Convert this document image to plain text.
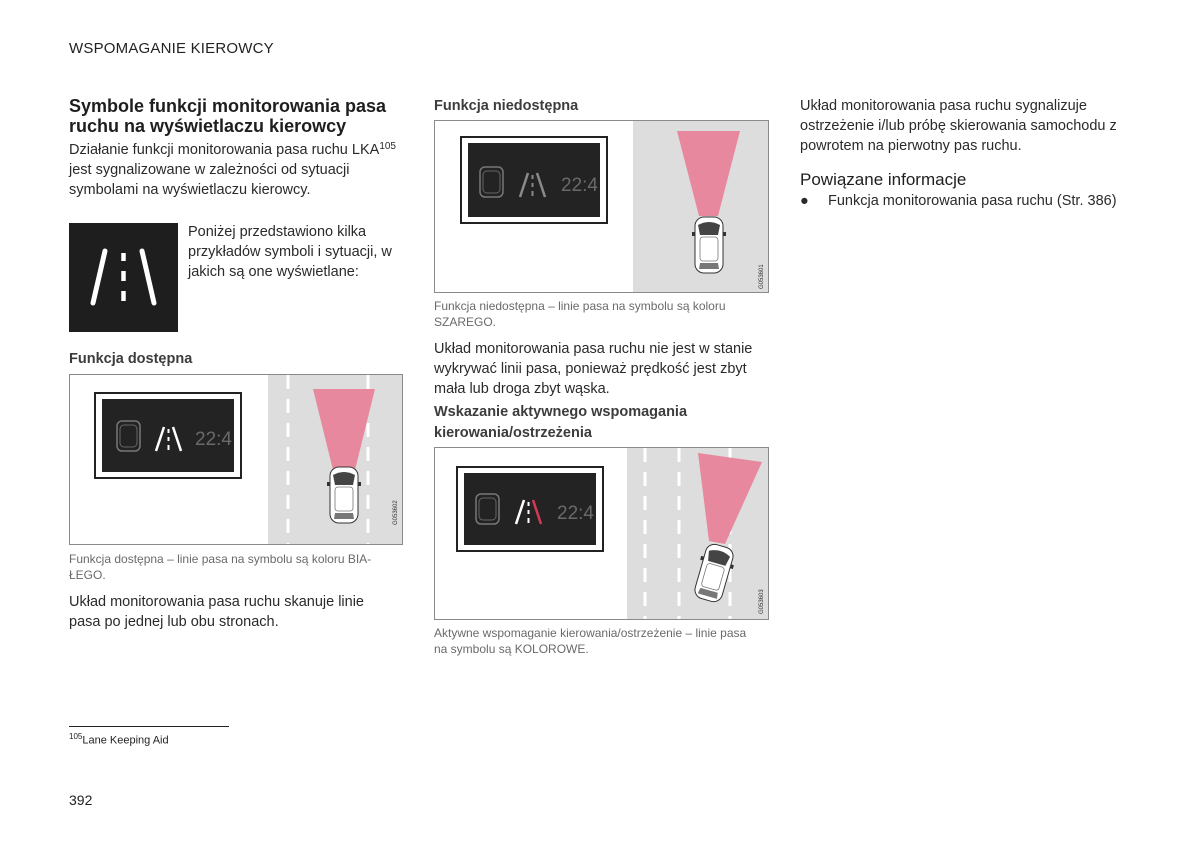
WSPOMAGANIE KIEROWCY
Symbole funkcji monitorowania pasa ruchu na wyświetlaczu kierowcy

Działanie funkcji monitorowania pasa ruchu LKA$^{105}$ jest sygnalizowane w zależności od sytuacji symbolami na wyświetlaczu kierowcy.

Poniżej przedstawiono kilka przykładów symboli i sytuacji, w jakich są one wyświetlane:
Funkcja dostępna
22:4
G053602

Funkcja dostępna – linie pasa na symbolu są koloru BIA-ŁEGO.

Układ monitorowania pasa ruchu skanuje linie pasa po jednej lub obu stronach.

Funkcja niedostępna
22:4
G053601

Funkcja niedostępna – linie pasa na symbolu są koloru SZAREGO.

Układ monitorowania pasa ruchu nie jest w stanie wykrywać linii pasa, ponieważ prędkość jest zbyt mała lub droga zbyt wąska.

Wskazanie aktywnego wspomagania kierowania/ostrzeżenia
22:4
G053603

Aktywne wspomaganie kierowania/ostrzeżenie – linie pasa na symbolu są KOLOROWE.

Układ monitorowania pasa ruchu sygnalizuje ostrzeżenie i/lub próbę skierowania samochodu z powrotem na pierwotny pas ruchu.

Powiązane informacje
●	Funkcja monitorowania pasa ruchu (Str. 386)
$^{105}$Lane Keeping Aid
392
